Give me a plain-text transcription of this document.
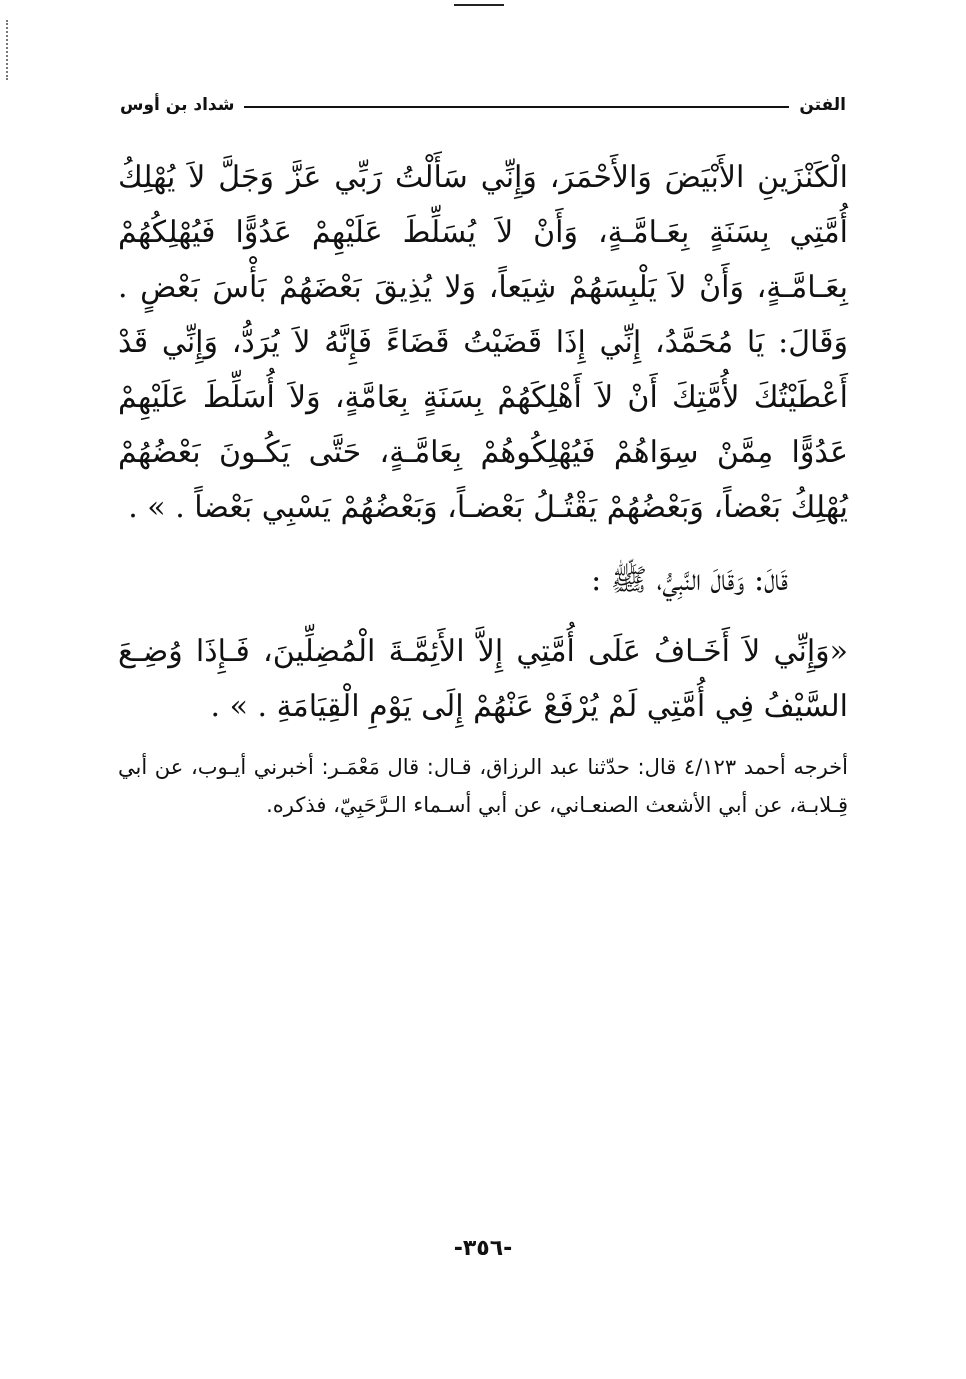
الفتن
شداد بن أوس

الْكَنْزَينِ الأَبْيَضَ وَالأَحْمَرَ، وَإِنِّي سَأَلْتُ رَبِّي عَزَّ وَجَلَّ لاَ يُهْلِكُ أُمَّتِي بِسَنَةٍ بِعَـامَّـةٍ، وَأَنْ لاَ يُسَلِّطَ عَلَيْهِمْ عَدُوًّا فَيُهْلِكُهُمْ بِعَـامَّـةٍ، وَأَنْ لاَ يَلْبِسَهُمْ شِيَعاً، وَلا يُذِيقَ بَعْضَهُمْ بَأْسَ بَعْضٍ . وَقَالَ: يَا مُحَمَّدُ، إِنِّي إِذَا قَضَيْتُ قَضَاءً فَإِنَّهُ لاَ يُرَدُّ، وَإِنِّي قَدْ أَعْطَيْتُكَ لأُمَّتِكَ أَنْ لاَ أَهْلِكَهُمْ بِسَنَةٍ بِعَامَّةٍ، وَلاَ أُسَلِّطَ عَلَيْهِمْ عَدُوًّا مِمَّنْ سِوَاهُمْ فَيُهْلِكُوهُمْ بِعَامَّـةٍ، حَتَّى يَكُـونَ بَعْضُهُمْ يُهْلِكُ بَعْضاً، وَبَعْضُهُمْ يَقْتُـلُ بَعْضـاً، وَبَعْضُهُمْ يَسْبِي بَعْضاً . » .

قَالَ: وَقَالَ النَّبِيُّ، ﷺ :

«وَإِنِّي لاَ أَخَـافُ عَلَى أُمَّتِي إِلاَّ الأَئِمَّـةَ الْمُضِلِّينَ، فَـإِذَا وُضِـعَ السَّيْفُ فِي أُمَّتِي لَمْ يُرْفَعْ عَنْهُمْ إِلَى يَوْمِ الْقِيَامَةِ . » .

أخرجه أحمد ٤/١٢٣ قال: حدّثنا عبد الرزاق، قـال: قال مَعْمَـر: أخبرني أيـوب، عن أبي قِـلابـة، عن أبي الأشعث الصنعـاني، عن أبي أسـماء الـرَّحَبِيّ، فذكره.

-٣٥٦-
